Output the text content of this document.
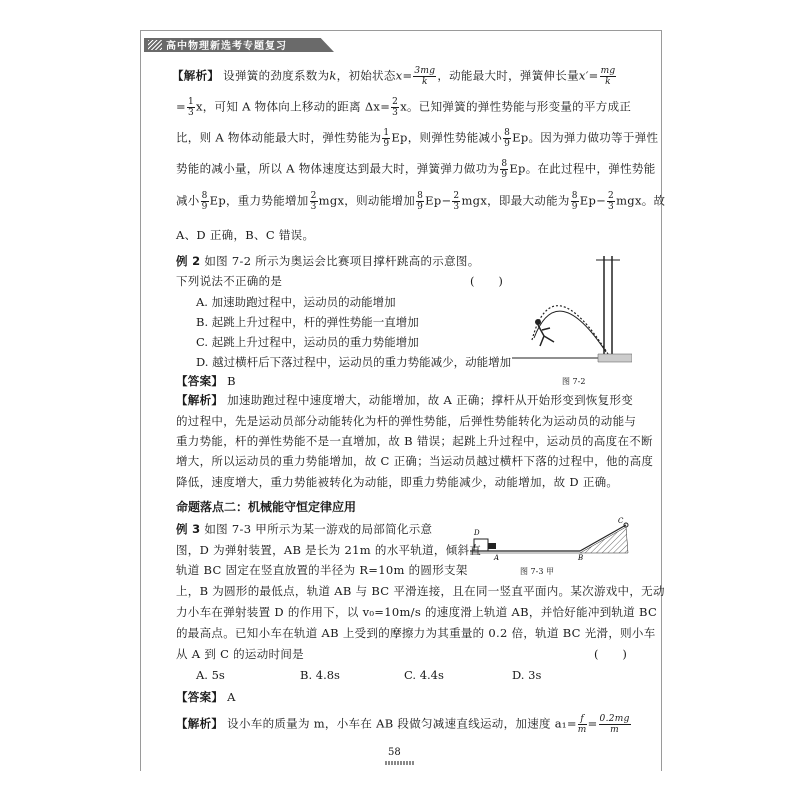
高中物理新选考专题复习
【解析】 设弹簧的劲度系数为k，初始状态$x= \frac{3mg}{k}$ ，动能最大时，弹簧伸长量$x'= \frac{mg}{k}$
= $\frac{1}{3}$ x，可知 A 物体向上移动的距离 $\Delta x= \frac{2}{3}$ x。已知弹簧的弹性势能与形变量的平方成正
比，则 A 物体动能最大时，弹性势能为 $\frac{1}{9}$ Ep，则弹性势能减小 $\frac{8}{9}$ Ep。因为弹力做功等于弹性
势能的减小量，所以 A 物体速度达到最大时，弹簧弹力做功为 $\frac{8}{9}$ Ep。在此过程中，弹性势能
减小 $\frac{8}{9}$ Ep，重力势能增加 $\frac{2}{3}$ mgx，则动能增加 $\frac{8}{9} Ep- \frac{2}{3}$ mgx，即最大动能为 $\frac{8}{9} Ep- \frac{2}{3}$ mgx。故
A、D 正确，B、C 错误。
例 2 如图 7-2 所示为奥运会比赛项目撑杆跳高的示意图。
下列说法不正确的是	(　　)
A. 加速助跑过程中，运动员的动能增加
B. 起跳上升过程中，杆的弹性势能一直增加
C. 起跳上升过程中，运动员的重力势能增加
D. 越过横杆后下落过程中，运动员的重力势能减少，动能增加
【答案】 B	图 7-2
【解析】 加速助跑过程中速度增大，动能增加，故 A 正确；撑杆从开始形变到恢复形变
的过程中，先是运动员部分动能转化为杆的弹性势能，后弹性势能转化为运动员的动能与
重力势能，杆的弹性势能不是一直增加，故 B 错误；起跳上升过程中，运动员的高度在不断
增大，所以运动员的重力势能增加，故 C 正确；当运动员越过横杆下落的过程中，他的高度
降低，速度增大，重力势能被转化为动能，即重力势能减少，动能增加，故 D 正确。
命题落点二：机械能守恒定律应用
例 3 如图 7-3 甲所示为某一游戏的局部简化示意
图，D 为弹射装置，AB 是长为 21m 的水平轨道，倾斜直
轨道 BC 固定在竖直放置的半径为 R=10m 的圆形支架
上，B 为圆形的最低点，轨道 AB 与 BC 平滑连接，且在同一竖直平面内。某次游戏中，无动
力小车在弹射装置 D 的作用下，以 v₀=10m/s 的速度滑上轨道 AB，并恰好能冲到轨道 BC
的最高点。已知小车在轨道 AB 上受到的摩擦力为其重量的 0.2 倍，轨道 BC 光滑，则小车
从 A 到 C 的运动时间是	(　　)
D
A	B
C
图 7-3 甲
A. 5s	B. 4.8s	C. 4.4s	D. 3s
【答案】 A
【解析】 设小车的质量为 m，小车在 AB 段做匀减速直线运动，加速度 $a_1= \frac{f}{m} = \frac{0.2mg}{m}$
58
